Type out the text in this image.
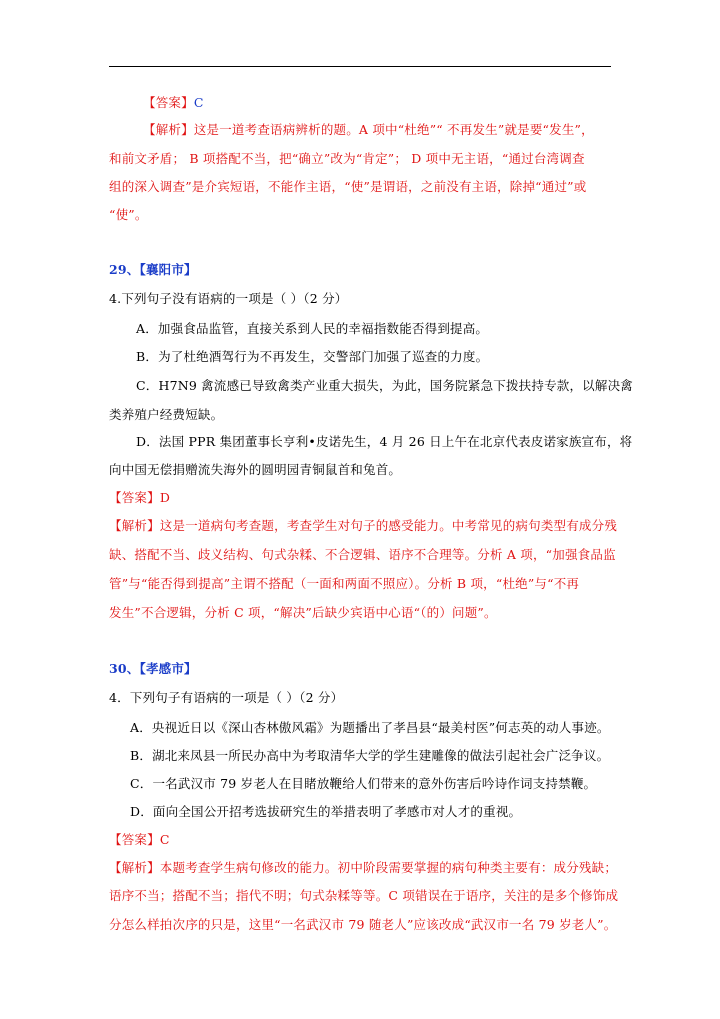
【答案】C
【解析】这是一道考查语病辨析的题。A 项中“杜绝”“ 不再发生”就是要“发生”，
和前文矛盾； B 项搭配不当，把“确立”改为“肯定”； D 项中无主语，“通过台湾调查
组的深入调查”是介宾短语，不能作主语，“使”是谓语，之前没有主语，除掉“通过”或
“使”。
29、【襄阳市】
4.下列句子没有语病的一项是（ ）（2 分）
A．加强食品监管，直接关系到人民的幸福指数能否得到提高。
B．为了杜绝酒驾行为不再发生，交警部门加强了巡查的力度。
C．H7N9 禽流感已导致禽类产业重大损失，为此，国务院紧急下拨扶持专款，以解决禽
类养殖户经费短缺。
D．法国 PPR 集团董事长亨利•皮诺先生，4 月 26 日上午在北京代表皮诺家族宣布，将
向中国无偿捐赠流失海外的圆明园青铜鼠首和兔首。
【答案】D
【解析】这是一道病句考查题，考查学生对句子的感受能力。中考常见的病句类型有成分残
缺、搭配不当、歧义结构、句式杂糅、不合逻辑、语序不合理等。分析 A 项，“加强食品监
管”与“能否得到提高”主谓不搭配（一面和两面不照应）。分析 B 项，“杜绝”与“不再
发生”不合逻辑，分析 C 项，“解决”后缺少宾语中心语“（的）问题”。
30、【孝感市】
4．下列句子有语病的一项是（ ）（2 分）
A．央视近日以《深山杏林傲风霜》为题播出了孝昌县“最美村医”何志英的动人事迹。
B．湖北来凤县一所民办高中为考取清华大学的学生建雕像的做法引起社会广泛争议。
C．一名武汉市 79 岁老人在目睹放鞭给人们带来的意外伤害后吟诗作词支持禁鞭。
D．面向全国公开招考选拔研究生的举措表明了孝感市对人才的重视。
【答案】C
【解析】本题考查学生病句修改的能力。初中阶段需要掌握的病句种类主要有：成分残缺；
语序不当；搭配不当；指代不明；句式杂糅等等。C 项错误在于语序，关注的是多个修饰成
分怎么样拍次序的只是，这里“一名武汉市 79 随老人”应该改成“武汉市一名 79 岁老人”。
